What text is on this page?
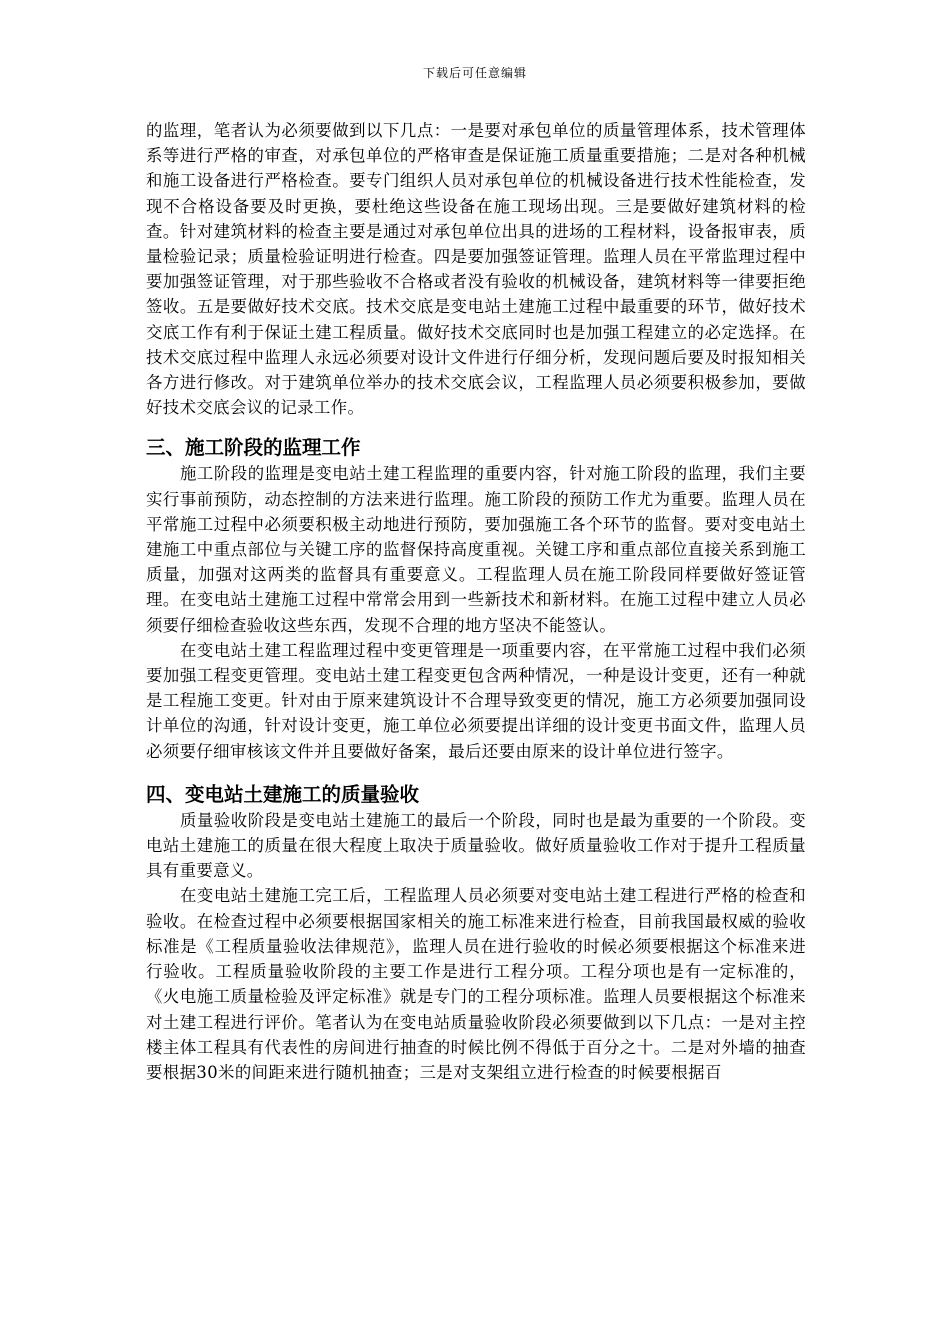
下载后可任意编辑

的监理，笔者认为必须要做到以下几点：一是要对承包单位的质量管理体系，技术管理体系等进行严格的审查，对承包单位的严格审查是保证施工质量重要措施；二是对各种机械和施工设备进行严格检查。要专门组织人员对承包单位的机械设备进行技术性能检查，发现不合格设备要及时更换，要杜绝这些设备在施工现场出现。三是要做好建筑材料的检查。针对建筑材料的检查主要是通过对承包单位出具的进场的工程材料，设备报审表，质量检验记录；质量检验证明进行检查。四是要加强签证管理。监理人员在平常监理过程中要加强签证管理，对于那些验收不合格或者没有验收的机械设备，建筑材料等一律要拒绝签收。五是要做好技术交底。技术交底是变电站土建施工过程中最重要的环节，做好技术交底工作有利于保证土建工程质量。做好技术交底同时也是加强工程建立的必定选择。在技术交底过程中监理人永远必须要对设计文件进行仔细分析，发现问题后要及时报知相关各方进行修改。对于建筑单位举办的技术交底会议，工程监理人员必须要积极参加，要做好技术交底会议的记录工作。

三、施工阶段的监理工作

施工阶段的监理是变电站土建工程监理的重要内容，针对施工阶段的监理，我们主要实行事前预防，动态控制的方法来进行监理。施工阶段的预防工作尤为重要。监理人员在平常施工过程中必须要积极主动地进行预防，要加强施工各个环节的监督。要对变电站土建施工中重点部位与关键工序的监督保持高度重视。关键工序和重点部位直接关系到施工质量，加强对这两类的监督具有重要意义。工程监理人员在施工阶段同样要做好签证管理。在变电站土建施工过程中常常会用到一些新技术和新材料。在施工过程中建立人员必须要仔细检查验收这些东西，发现不合理的地方坚决不能签认。

在变电站土建工程监理过程中变更管理是一项重要内容，在平常施工过程中我们必须要加强工程变更管理。变电站土建工程变更包含两种情况，一种是设计变更，还有一种就是工程施工变更。针对由于原来建筑设计不合理导致变更的情况，施工方必须要加强同设计单位的沟通，针对设计变更，施工单位必须要提出详细的设计变更书面文件，监理人员必须要仔细审核该文件并且要做好备案，最后还要由原来的设计单位进行签字。

四、变电站土建施工的质量验收

质量验收阶段是变电站土建施工的最后一个阶段，同时也是最为重要的一个阶段。变电站土建施工的质量在很大程度上取决于质量验收。做好质量验收工作对于提升工程质量具有重要意义。

在变电站土建施工完工后，工程监理人员必须要对变电站土建工程进行严格的检查和验收。在检查过程中必须要根据国家相关的施工标准来进行检查，目前我国最权威的验收标准是《工程质量验收法律规范》，监理人员在进行验收的时候必须要根据这个标准来进行验收。工程质量验收阶段的主要工作是进行工程分项。工程分项也是有一定标准的，《火电施工质量检验及评定标准》就是专门的工程分项标准。监理人员要根据这个标准来对土建工程进行评价。笔者认为在变电站质量验收阶段必须要做到以下几点：一是对主控楼主体工程具有代表性的房间进行抽查的时候比例不得低于百分之十。二是对外墙的抽查要根据30米的间距来进行随机抽查；三是对支架组立进行检查的时候要根据百
